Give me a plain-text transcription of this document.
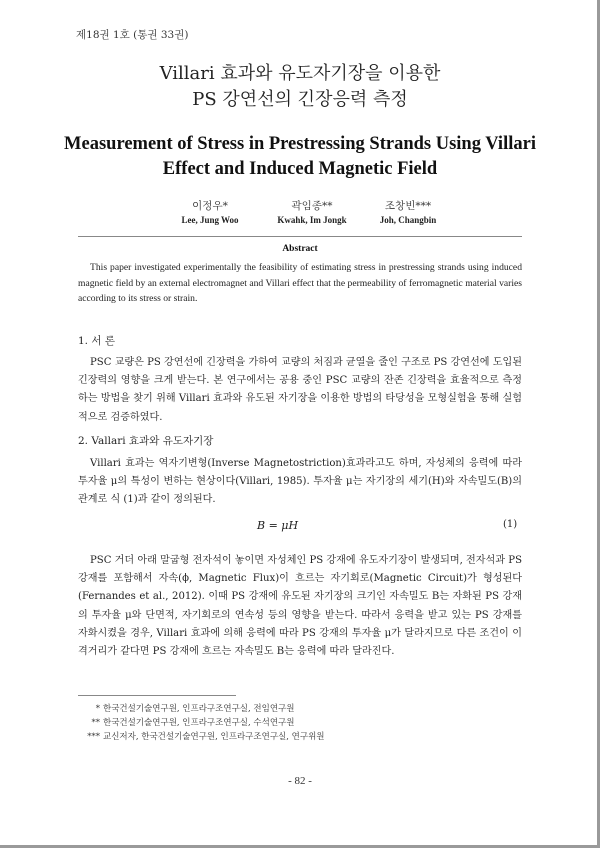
제18권 1호 (통권 33권)
Villari 효과와 유도자기장을 이용한
PS 강연선의 긴장응력 측정
Measurement of Stress in Prestressing Strands Using Villari
Effect and Induced Magnetic Field
이정우*
Lee, Jung Woo
곽임종**
Kwahk, Im Jongk
조창빈***
Joh, Changbin
Abstract
This paper investigated experimentally the feasibility of estimating stress in prestressing strands using induced magnetic field by an external electromagnet and Villari effect that the permeability of ferromagnetic material varies according to its stress or strain.
1. 서 론
PSC 교량은 PS 강연선에 긴장력을 가하여 교량의 처짐과 균열을 줄인 구조로 PS 강연선에 도입된 긴장력의 영향을 크게 받는다. 본 연구에서는 공용 중인 PSC 교량의 잔존 긴장력을 효율적으로 측정하는 방법을 찾기 위해 Villari 효과와 유도된 자기장을 이용한 방법의 타당성을 모형실험을 통해 실험적으로 검증하였다.
2. Vallari 효과와 유도자기장
Villari 효과는 역자기변형(Inverse Magnetostriction)효과라고도 하며, 자성체의 응력에 따라 투자율 μ의 특성이 변하는 현상이다(Villari, 1985). 투자율 μ는 자기장의 세기(H)와 자속밀도(B)의 관계로 식 (1)과 같이 정의된다.
B = μH	(1)
PSC 거더 아래 말굽형 전자석이 놓이면 자성체인 PS 강재에 유도자기장이 발생되며, 전자석과 PS 강재를 포함해서 자속(ϕ, Magnetic Flux)이 흐르는 자기회로(Magnetic Circuit)가 형성된다(Fernandes et al., 2012). 이때 PS 강재에 유도된 자기장의 크기인 자속밀도 B는 자화된 PS 강재의 투자율 μ와 단면적, 자기회로의 연속성 등의 영향을 받는다. 따라서 응력을 받고 있는 PS 강재를 자화시켰을 경우, Villari 효과에 의해 응력에 따라 PS 강재의 투자율 μ가 달라지므로 다른 조건이 이격거리가 같다면 PS 강재에 흐르는 자속밀도 B는 응력에 따라 달라진다.
* 한국건설기술연구원, 인프라구조연구실, 전임연구원
** 한국건설기술연구원, 인프라구조연구실, 수석연구원
*** 교신저자, 한국건설기술연구원, 인프라구조연구실, 연구위원
- 82 -
